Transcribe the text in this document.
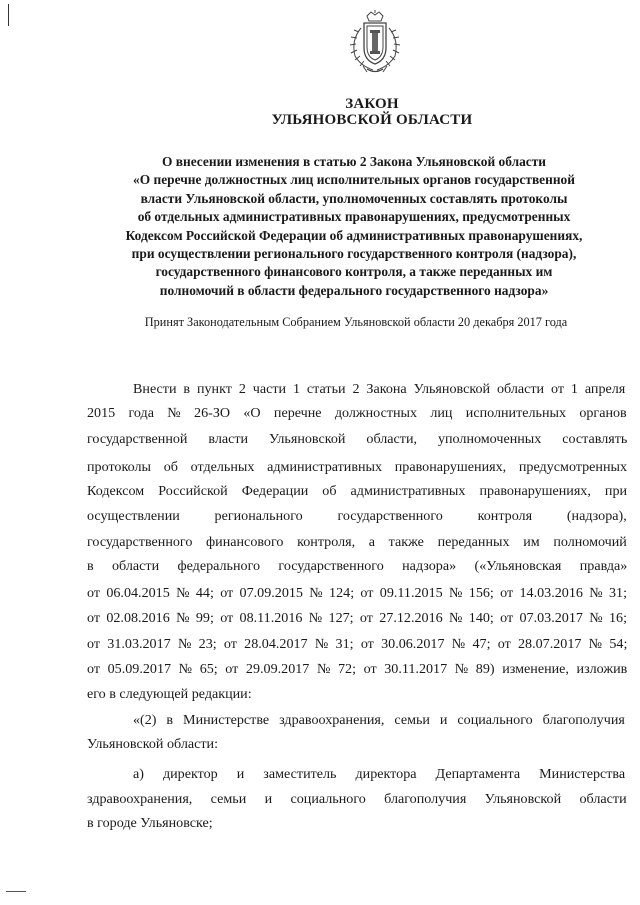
ЗАКОН
УЛЬЯНОВСКОЙ ОБЛАСТИ
О внесении изменения в статью 2 Закона Ульяновской области
«О перечне должностных лиц исполнительных органов государственной
власти Ульяновской области, уполномоченных составлять протоколы
об отдельных административных правонарушениях, предусмотренных
Кодексом Российской Федерации об административных правонарушениях,
при осуществлении регионального государственного контроля (надзора),
государственного финансового контроля, а также переданных им
полномочий в области федерального государственного надзора»
Принят Законодательным Собранием Ульяновской области 20 декабря 2017 года
Внести в пункт 2 части 1 статьи 2 Закона Ульяновской области от 1 апреля
2015 года № 26-ЗО «О перечне должностных лиц исполнительных органов
государственной власти Ульяновской области, уполномоченных составлять
протоколы об отдельных административных правонарушениях, предусмотренных
Кодексом Российской Федерации об административных правонарушениях, при
осуществлении регионального государственного контроля (надзора),
государственного финансового контроля, а также переданных им полномочий
в области федерального государственного надзора» («Ульяновская правда»
от 06.04.2015 № 44; от 07.09.2015 № 124; от 09.11.2015 № 156; от 14.03.2016 № 31;
от 02.08.2016 № 99; от 08.11.2016 № 127; от 27.12.2016 № 140; от 07.03.2017 № 16;
от 31.03.2017 № 23; от 28.04.2017 № 31; от 30.06.2017 № 47; от 28.07.2017 № 54;
от 05.09.2017 № 65; от 29.09.2017 № 72; от 30.11.2017 № 89) изменение, изложив
его в следующей редакции:
«(2) в Министерстве здравоохранения, семьи и социального благополучия
Ульяновской области:
а) директор и заместитель директора Департамента Министерства
здравоохранения, семьи и социального благополучия Ульяновской области
в городе Ульяновске;
